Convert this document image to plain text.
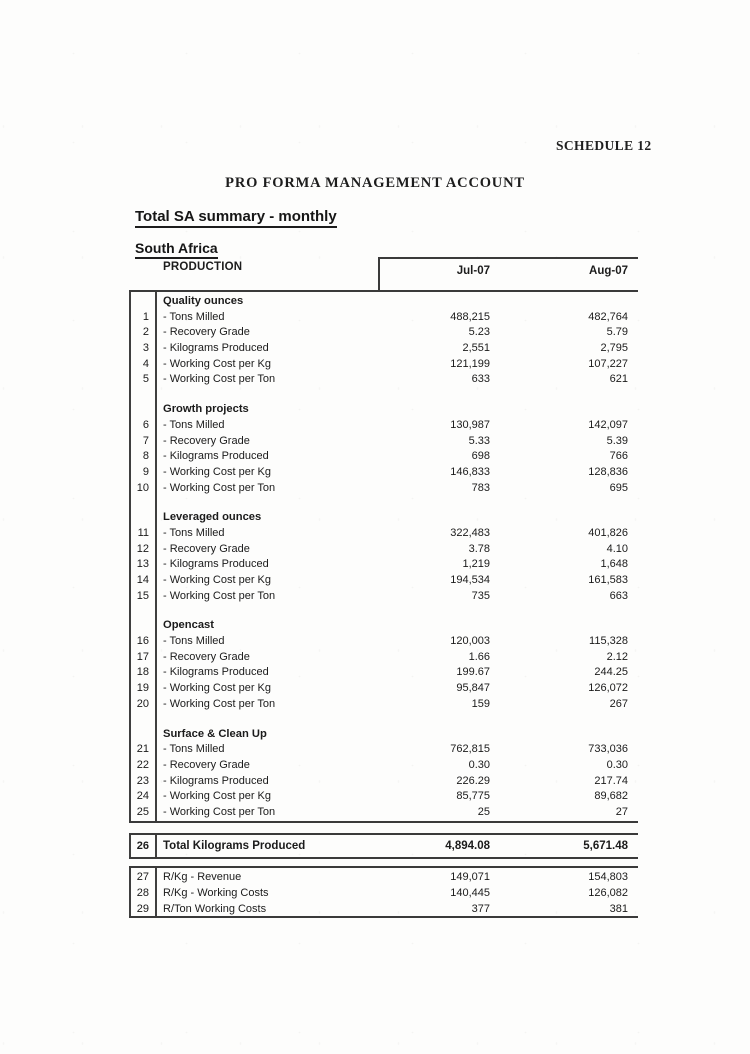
SCHEDULE 12
PRO FORMA MANAGEMENT ACCOUNT
Total SA summary - monthly
South Africa
PRODUCTION	Jul-07	Aug-07
Quality ounces
1	- Tons Milled	488,215	482,764
2	- Recovery Grade	5.23	5.79
3	- Kilograms Produced	2,551	2,795
4	- Working Cost per Kg	121,199	107,227
5	- Working Cost per Ton	633	621
Growth projects
6	- Tons Milled	130,987	142,097
7	- Recovery Grade	5.33	5.39
8	- Kilograms Produced	698	766
9	- Working Cost per Kg	146,833	128,836
10	- Working Cost per Ton	783	695
Leveraged ounces
11	- Tons Milled	322,483	401,826
12	- Recovery Grade	3.78	4.10
13	- Kilograms Produced	1,219	1,648
14	- Working Cost per Kg	194,534	161,583
15	- Working Cost per Ton	735	663
Opencast
16	- Tons Milled	120,003	115,328
17	- Recovery Grade	1.66	2.12
18	- Kilograms Produced	199.67	244.25
19	- Working Cost per Kg	95,847	126,072
20	- Working Cost per Ton	159	267
Surface & Clean Up
21	- Tons Milled	762,815	733,036
22	- Recovery Grade	0.30	0.30
23	- Kilograms Produced	226.29	217.74
24	- Working Cost per Kg	85,775	89,682
25	- Working Cost per Ton	25	27
26	Total Kilograms Produced	4,894.08	5,671.48
27	R/Kg - Revenue	149,071	154,803
28	R/Kg - Working Costs	140,445	126,082
29	R/Ton Working Costs	377	381
